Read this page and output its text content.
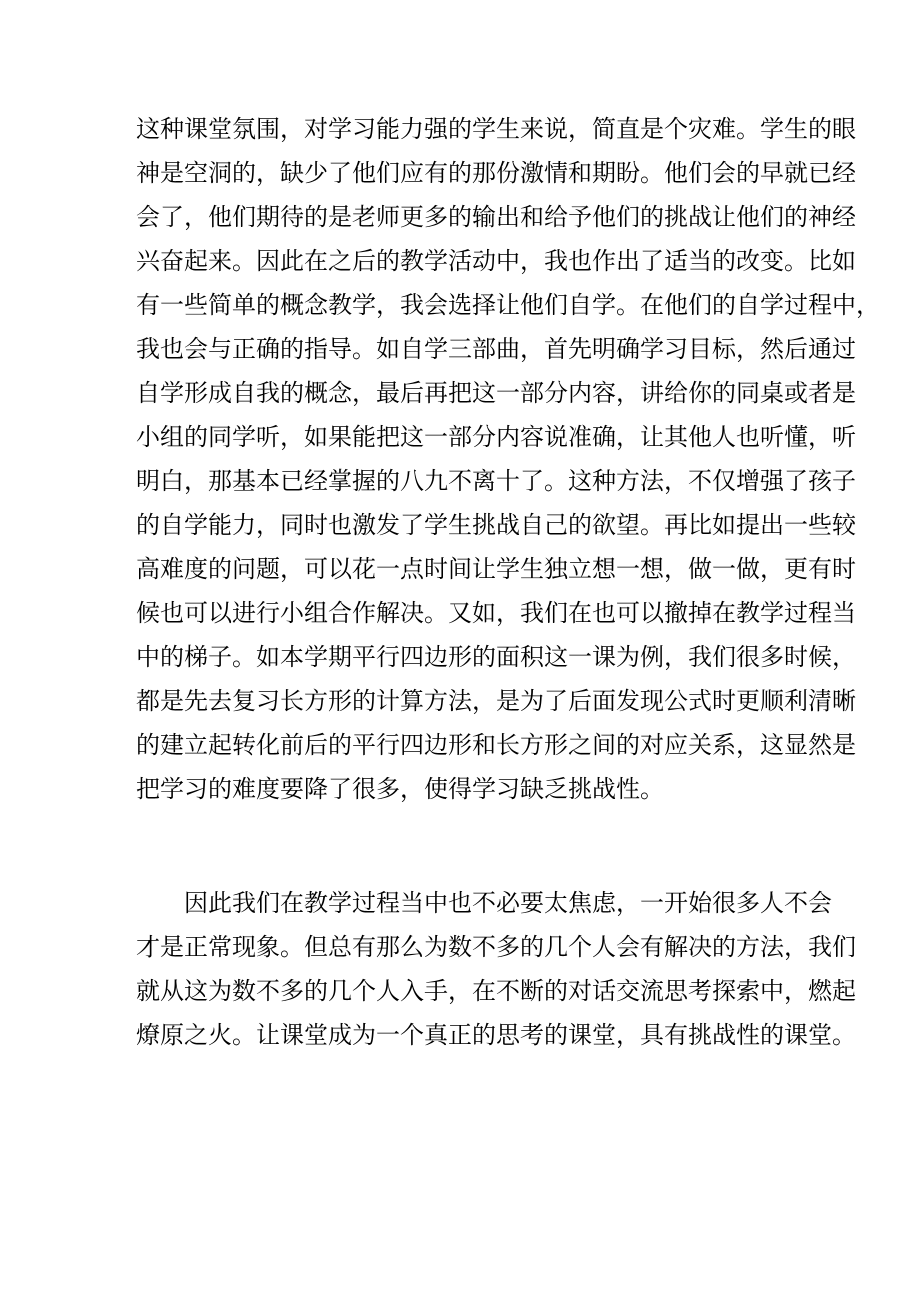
这种课堂氛围，对学习能力强的学生来说，简直是个灾难。学生的眼
神是空洞的，缺少了他们应有的那份激情和期盼。他们会的早就已经
会了，他们期待的是老师更多的输出和给予他们的挑战让他们的神经
兴奋起来。因此在之后的教学活动中，我也作出了适当的改变。比如
有一些简单的概念教学，我会选择让他们自学。在他们的自学过程中，
我也会与正确的指导。如自学三部曲，首先明确学习目标，然后通过
自学形成自我的概念，最后再把这一部分内容，讲给你的同桌或者是
小组的同学听，如果能把这一部分内容说准确，让其他人也听懂，听
明白，那基本已经掌握的八九不离十了。这种方法，不仅增强了孩子
的自学能力，同时也激发了学生挑战自己的欲望。再比如提出一些较
高难度的问题，可以花一点时间让学生独立想一想，做一做，更有时
候也可以进行小组合作解决。又如，我们在也可以撤掉在教学过程当
中的梯子。如本学期平行四边形的面积这一课为例，我们很多时候，
都是先去复习长方形的计算方法，是为了后面发现公式时更顺利清晰
的建立起转化前后的平行四边形和长方形之间的对应关系，这显然是
把学习的难度要降了很多，使得学习缺乏挑战性。
因此我们在教学过程当中也不必要太焦虑，一开始很多人不会
才是正常现象。但总有那么为数不多的几个人会有解决的方法，我们
就从这为数不多的几个人入手，在不断的对话交流思考探索中，燃起
燎原之火。让课堂成为一个真正的思考的课堂，具有挑战性的课堂。
